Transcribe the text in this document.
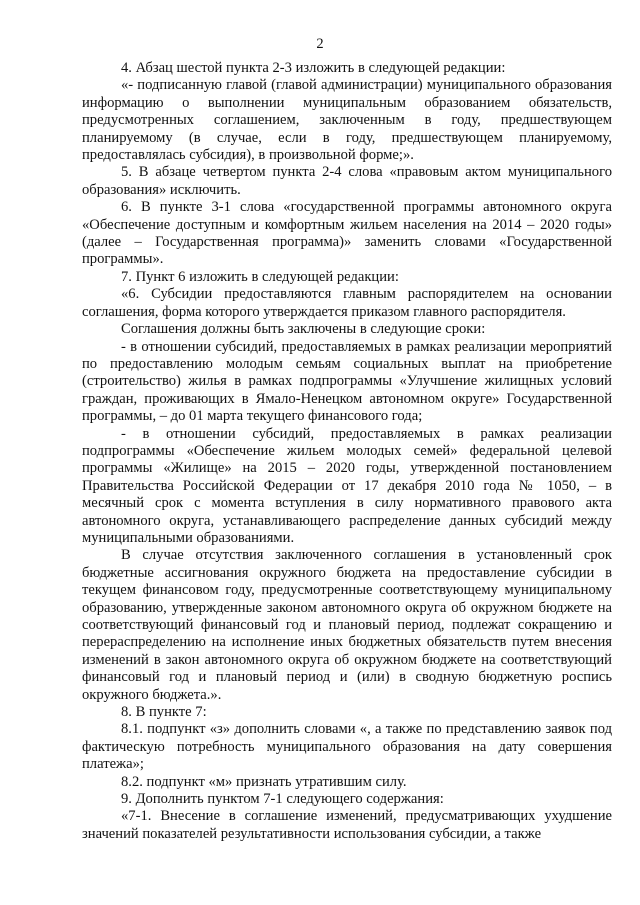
2

4. Абзац шестой пункта 2-3 изложить в следующей редакции:

«- подписанную главой (главой администрации) муниципального образования информацию о выполнении муниципальным образованием обязательств, предусмотренных соглашением, заключенным в году, предшествующем планируемому (в случае, если в году, предшествующем планируемому, предоставлялась субсидия), в произвольной форме;».

5. В абзаце четвертом пункта 2-4 слова «правовым актом муниципального образования» исключить.

6. В пункте 3-1 слова «государственной программы автономного округа «Обеспечение доступным и комфортным жильем населения на 2014 – 2020 годы» (далее – Государственная программа)» заменить словами «Государственной программы».

7. Пункт 6 изложить в следующей редакции:

«6. Субсидии предоставляются главным распорядителем на основании соглашения, форма которого утверждается приказом главного распорядителя.

Соглашения должны быть заключены в следующие сроки:

- в отношении субсидий, предоставляемых в рамках реализации мероприятий по предоставлению молодым семьям социальных выплат на приобретение (строительство) жилья в рамках подпрограммы «Улучшение жилищных условий граждан, проживающих в Ямало-Ненецком автономном округе» Государственной программы, – до 01 марта текущего финансового года;

- в отношении субсидий, предоставляемых в рамках реализации подпрограммы «Обеспечение жильем молодых семей» федеральной целевой программы «Жилище» на 2015 – 2020 годы, утвержденной постановлением Правительства Российской Федерации от 17 декабря 2010 года № 1050, – в месячный срок с момента вступления в силу нормативного правового акта автономного округа, устанавливающего распределение данных субсидий между муниципальными образованиями.

В случае отсутствия заключенного соглашения в установленный срок бюджетные ассигнования окружного бюджета на предоставление субсидии в текущем финансовом году, предусмотренные соответствующему муниципальному образованию, утвержденные законом автономного округа об окружном бюджете на соответствующий финансовый год и плановый период, подлежат сокращению и перераспределению на исполнение иных бюджетных обязательств путем внесения изменений в закон автономного округа об окружном бюджете на соответствующий финансовый год и плановый период и (или) в сводную бюджетную роспись окружного бюджета.».

8. В пункте 7:

8.1. подпункт «з» дополнить словами «, а также по представлению заявок под фактическую потребность муниципального образования на дату совершения платежа»;

8.2. подпункт «м» признать утратившим силу.

9. Дополнить пунктом 7-1 следующего содержания:

«7-1. Внесение в соглашение изменений, предусматривающих ухудшение значений показателей результативности использования субсидии, а также
